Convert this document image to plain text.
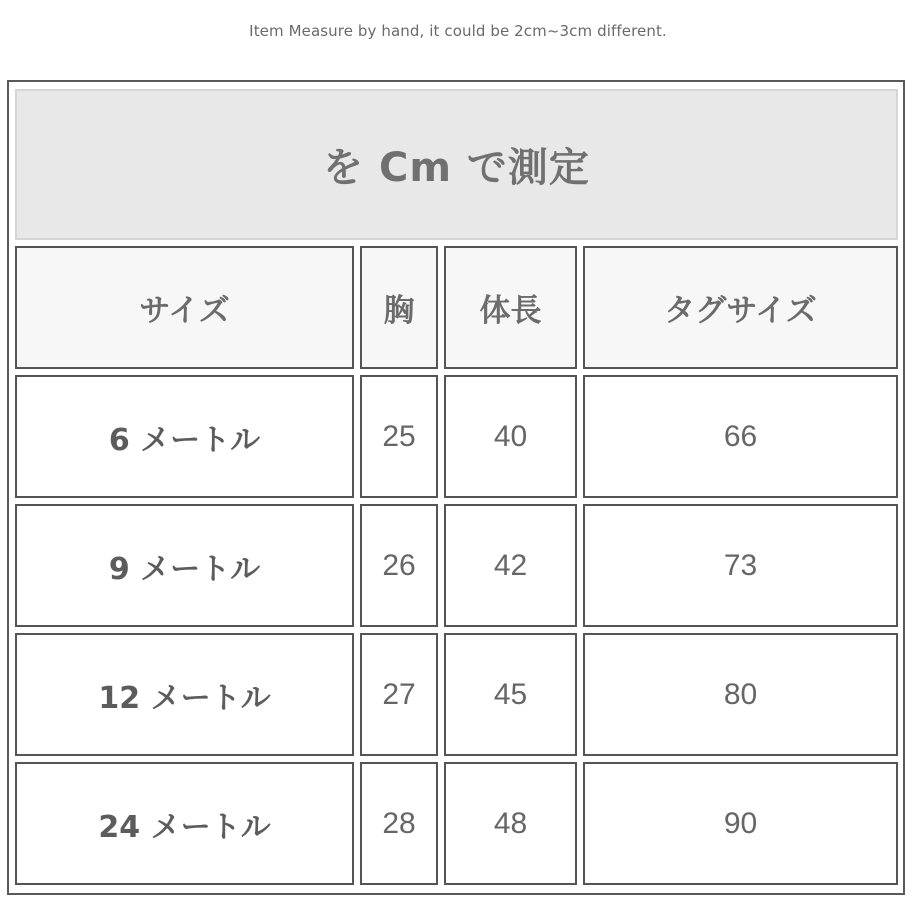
Item Measure by hand, it could be 2cm~3cm different.
を Cm で測定
サイズ	胸	体長	タグサイズ
6 メートル	25	40	66
9 メートル	26	42	73
12 メートル	27	45	80
24 メートル	28	48	90
